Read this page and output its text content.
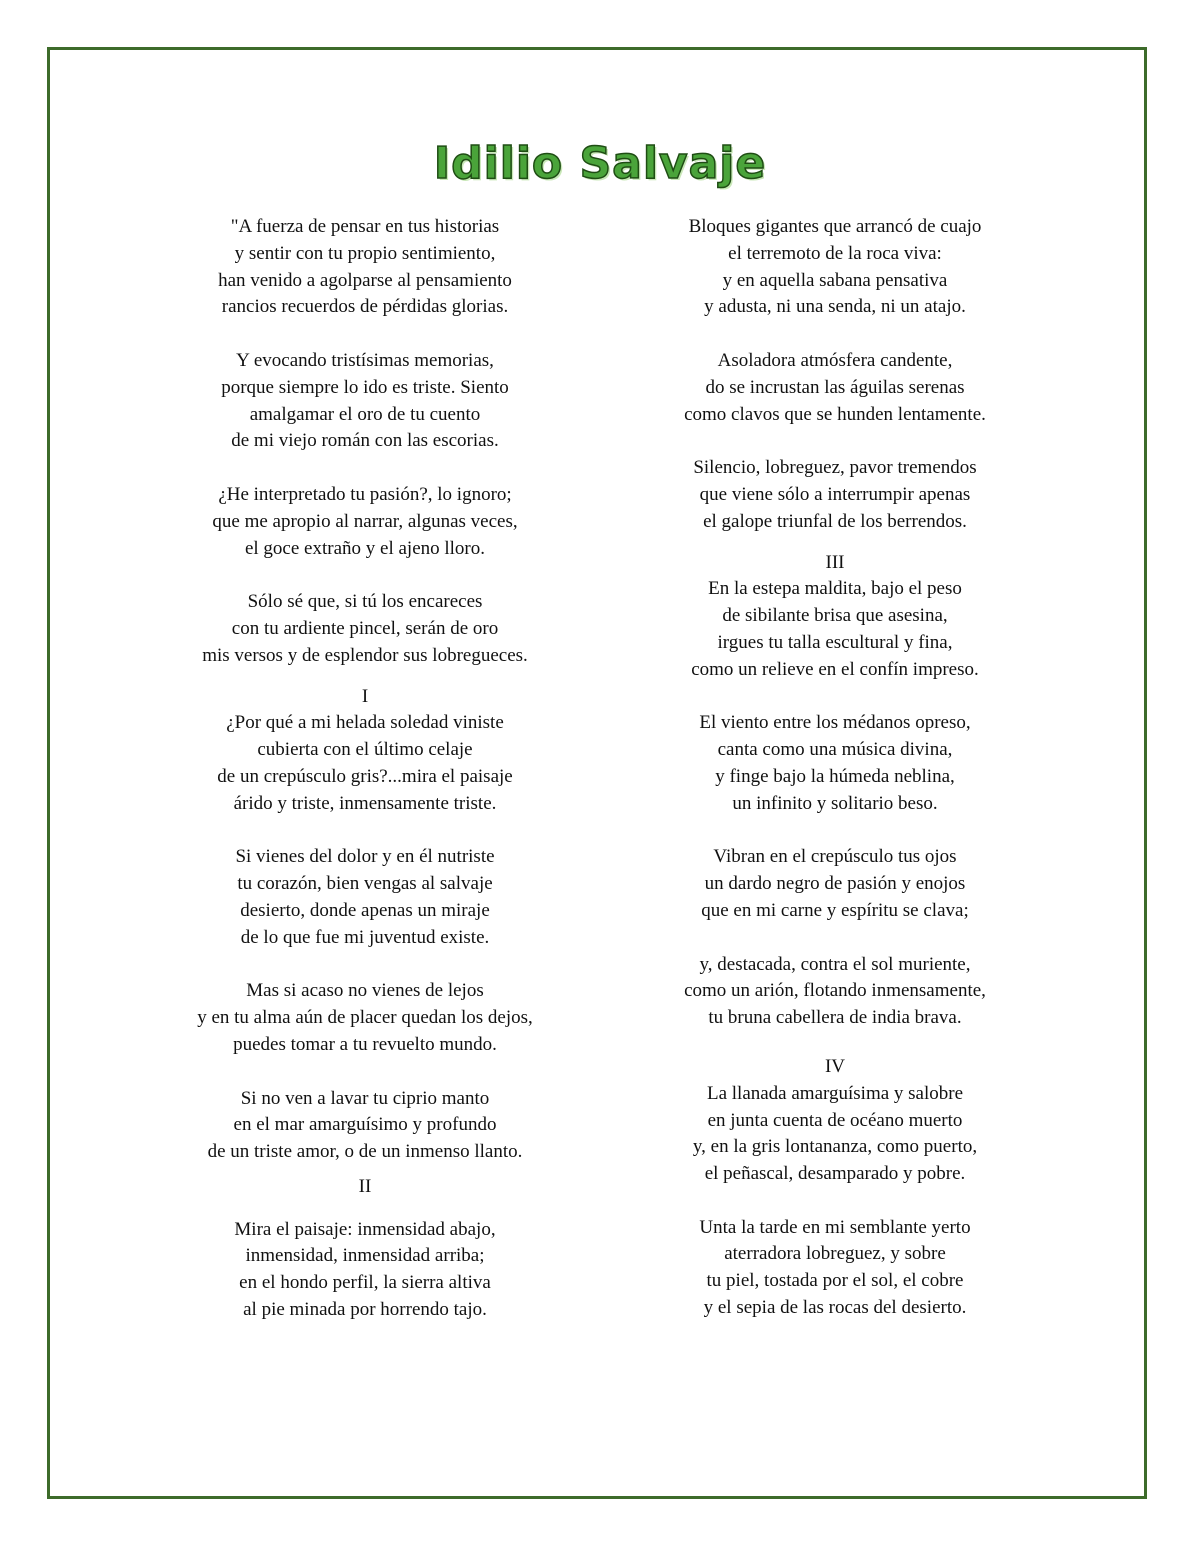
Idilio Salvaje
"A fuerza de pensar en tus historias
y sentir con tu propio sentimiento,
han venido a agolparse al pensamiento
rancios recuerdos de pérdidas glorias.
Y evocando tristísimas memorias,
porque siempre lo ido es triste. Siento
amalgamar el oro de tu cuento
de mi viejo román con las escorias.
¿He interpretado tu pasión?, lo ignoro;
que me apropio al narrar, algunas veces,
el goce extraño y el ajeno lloro.
Sólo sé que, si tú los encareces
con tu ardiente pincel, serán de oro
mis versos y de esplendor sus lobregueces.
I
¿Por qué a mi helada soledad viniste
cubierta con el último celaje
de un crepúsculo gris?...mira el paisaje
árido y triste, inmensamente triste.
Si vienes del dolor y en él nutriste
tu corazón, bien vengas al salvaje
desierto, donde apenas un miraje
de lo que fue mi juventud existe.
Mas si acaso no vienes de lejos
y en tu alma aún de placer quedan los dejos,
puedes tomar a tu revuelto mundo.
Si no ven a lavar tu ciprio manto
en el mar amarguísimo y profundo
de un triste amor, o de un inmenso llanto.
II
Mira el paisaje: inmensidad abajo,
inmensidad, inmensidad arriba;
en el hondo perfil, la sierra altiva
al pie minada por horrendo tajo.
Bloques gigantes que arrancó de cuajo
el terremoto de la roca viva:
y en aquella sabana pensativa
y adusta, ni una senda, ni un atajo.
Asoladora atmósfera candente,
do se incrustan las águilas serenas
como clavos que se hunden lentamente.
Silencio, lobreguez, pavor tremendos
que viene sólo a interrumpir apenas
el galope triunfal de los berrendos.
III
En la estepa maldita, bajo el peso
de sibilante brisa que asesina,
irgues tu talla escultural y fina,
como un relieve en el confín impreso.
El viento entre los médanos opreso,
canta como una música divina,
y finge bajo la húmeda neblina,
un infinito y solitario beso.
Vibran en el crepúsculo tus ojos
un dardo negro de pasión y enojos
que en mi carne y espíritu se clava;
y, destacada, contra el sol muriente,
como un arión, flotando inmensamente,
tu bruna cabellera de india brava.
IV
La llanada amarguísima y salobre
en junta cuenta de océano muerto
y, en la gris lontananza, como puerto,
el peñascal, desamparado y pobre.
Unta la tarde en mi semblante yerto
aterradora lobreguez, y sobre
tu piel, tostada por el sol, el cobre
y el sepia de las rocas del desierto.
